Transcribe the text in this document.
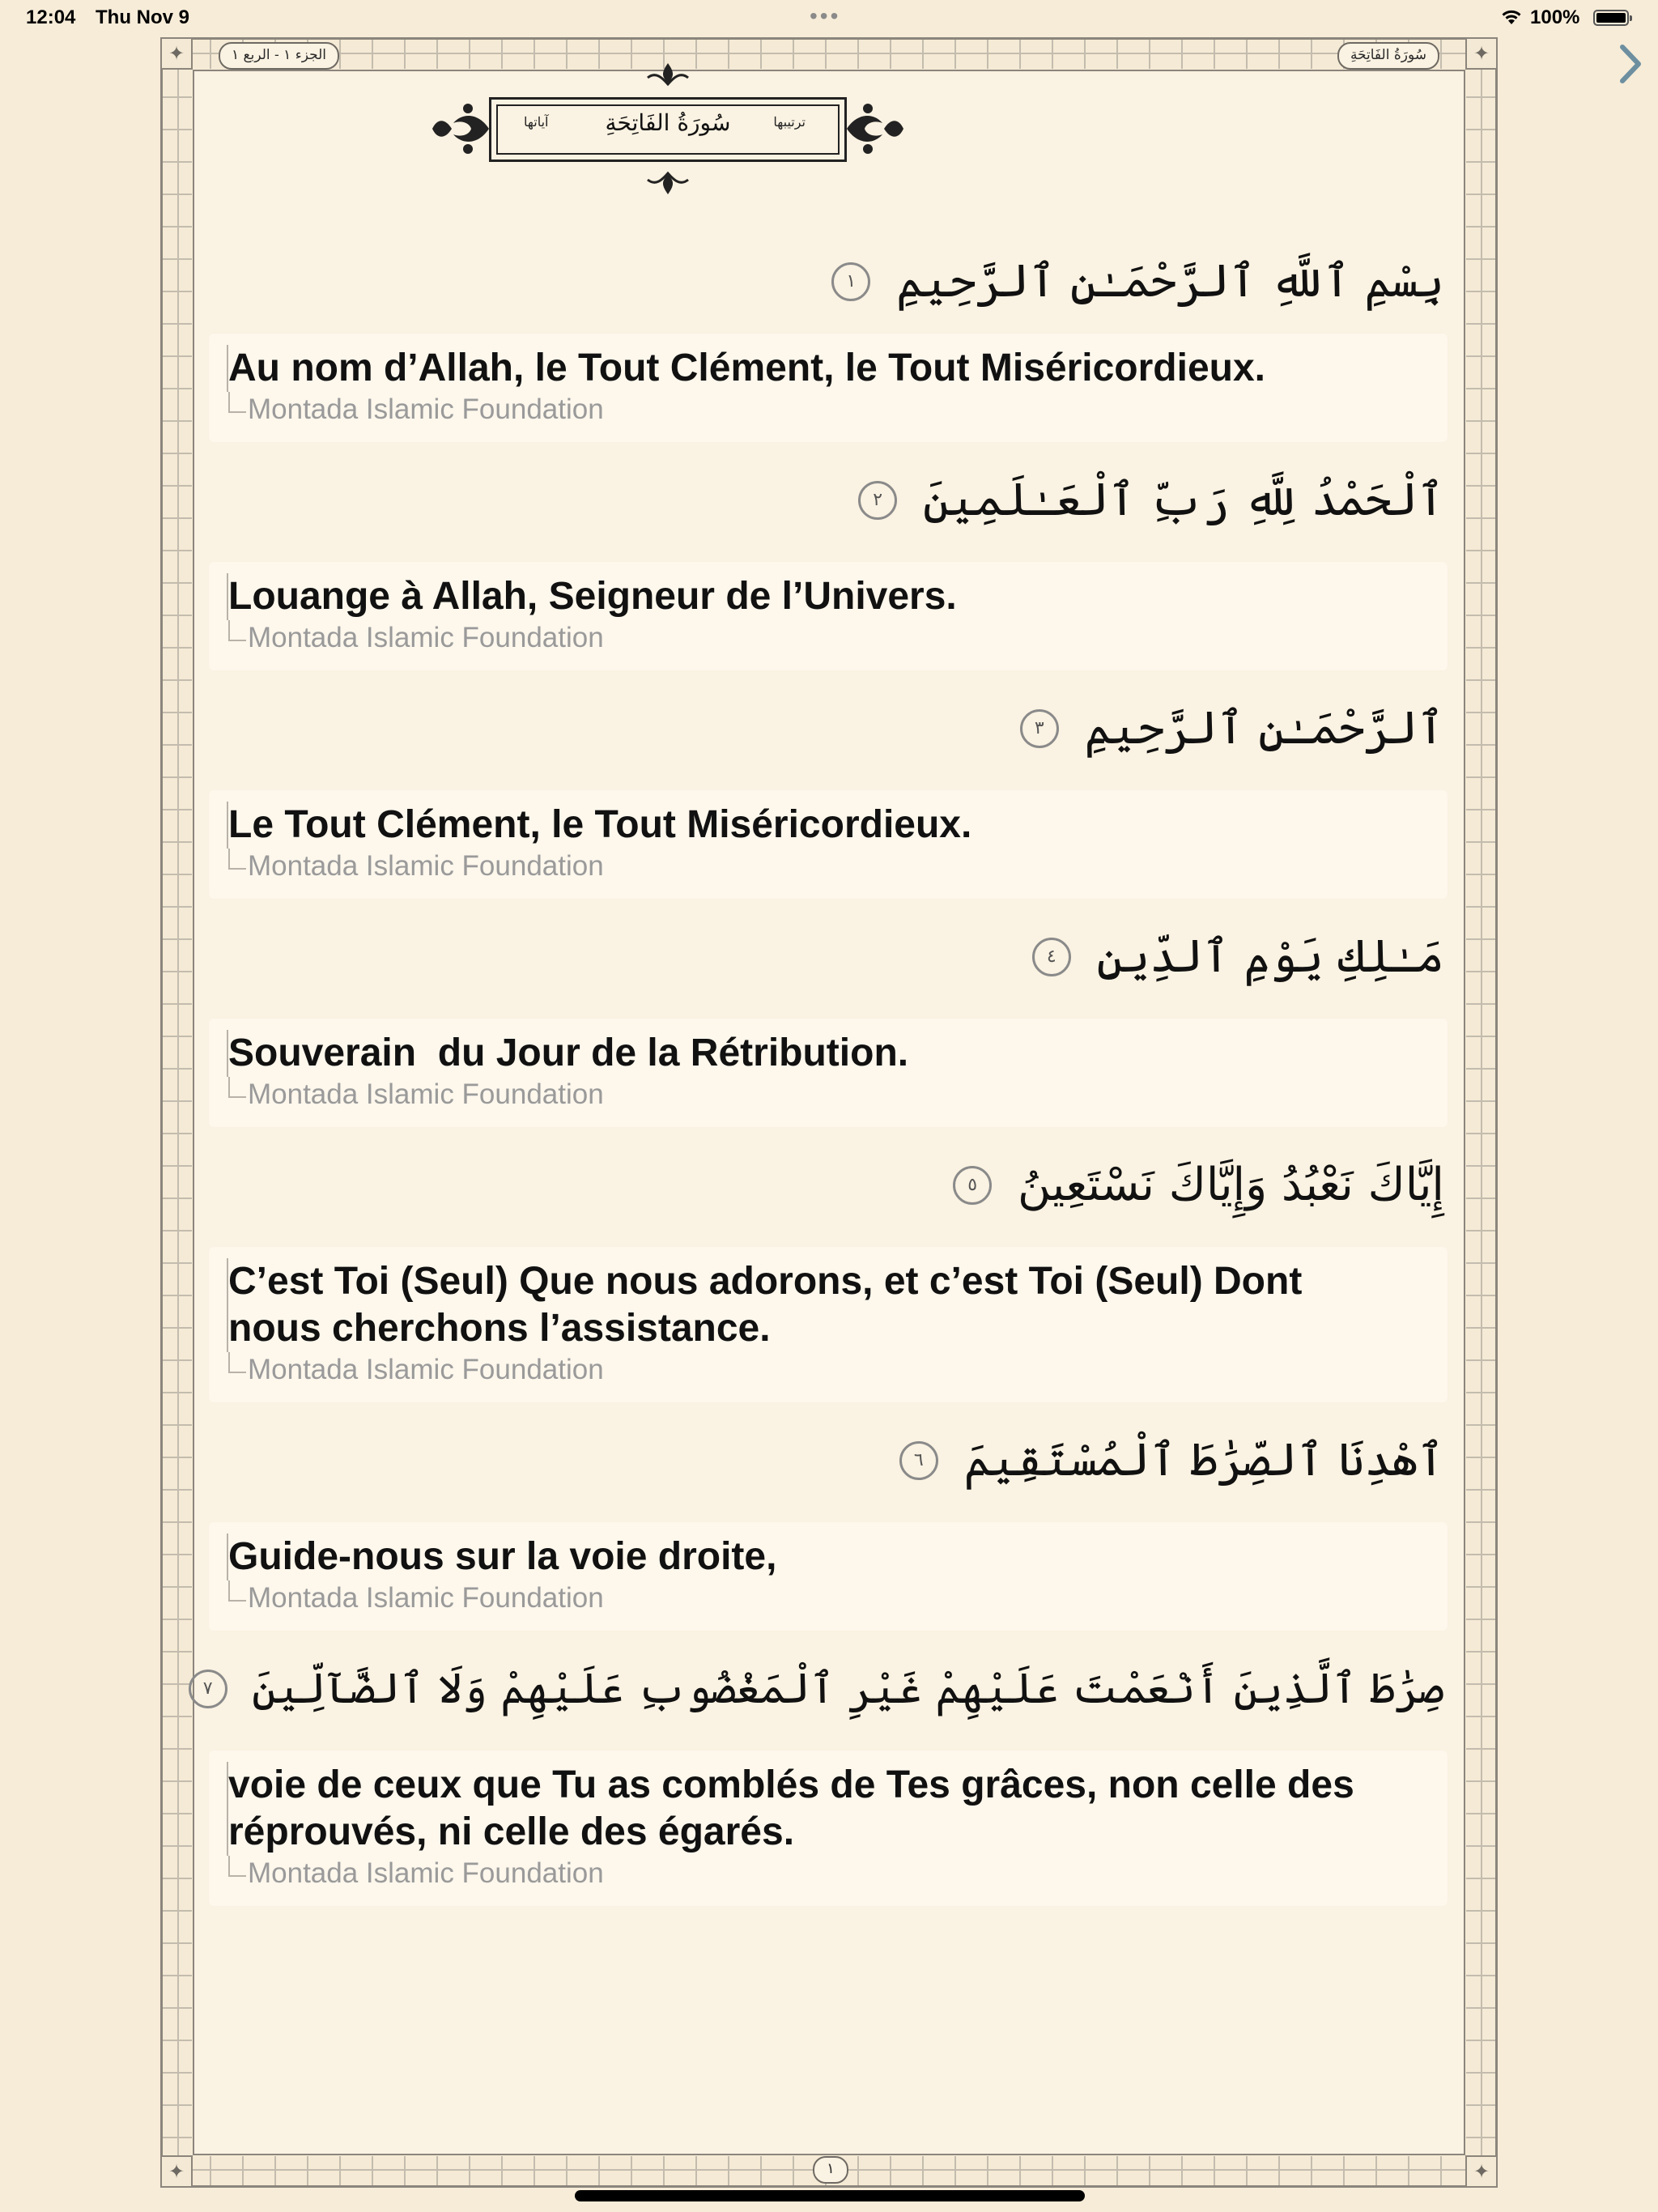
12:04 Thu Nov 9	•••	100%
✦
✦
✦
✦
الجزء ١ - الربع ١	سُورَةُ الفَاتِحَةِ
١
ترتيبها
سُورَةُ الفَاتِحَةِ
آياتها
بِسْمِ ٱللَّهِ ٱلرَّحْمَـٰنِ ٱلرَّحِيمِ ١
Au nom d’Allah, le Tout Clément, le Tout Miséricordieux.
Montada Islamic Foundation
ٱلْحَمْدُ لِلَّهِ رَبِّ ٱلْعَـٰلَمِينَ ٢
Louange à Allah, Seigneur de l’Univers.
Montada Islamic Foundation
ٱلرَّحْمَـٰنِ ٱلرَّحِيمِ ٣
Le Tout Clément, le Tout Miséricordieux.
Montada Islamic Foundation
مَـٰلِكِ يَوْمِ ٱلدِّينِ ٤
Souverain  du Jour de la Rétribution.
Montada Islamic Foundation
إِيَّاكَ نَعْبُدُ وَإِيَّاكَ نَسْتَعِينُ ٥
C’est Toi (Seul) Que nous adorons, et c’est Toi (Seul) Dont nous cherchons l’assistance.
Montada Islamic Foundation
ٱهْدِنَا ٱلصِّرَٰطَ ٱلْمُسْتَقِيمَ ٦
Guide-nous sur la voie droite,
Montada Islamic Foundation
صِرَٰطَ ٱلَّذِينَ أَنْعَمْتَ عَلَيْهِمْ غَيْرِ ٱلْمَغْضُوبِ عَلَيْهِمْ وَلَا ٱلضَّآلِّينَ ٧
voie de ceux que Tu as comblés de Tes grâces, non celle des réprouvés, ni celle des égarés.
Montada Islamic Foundation
